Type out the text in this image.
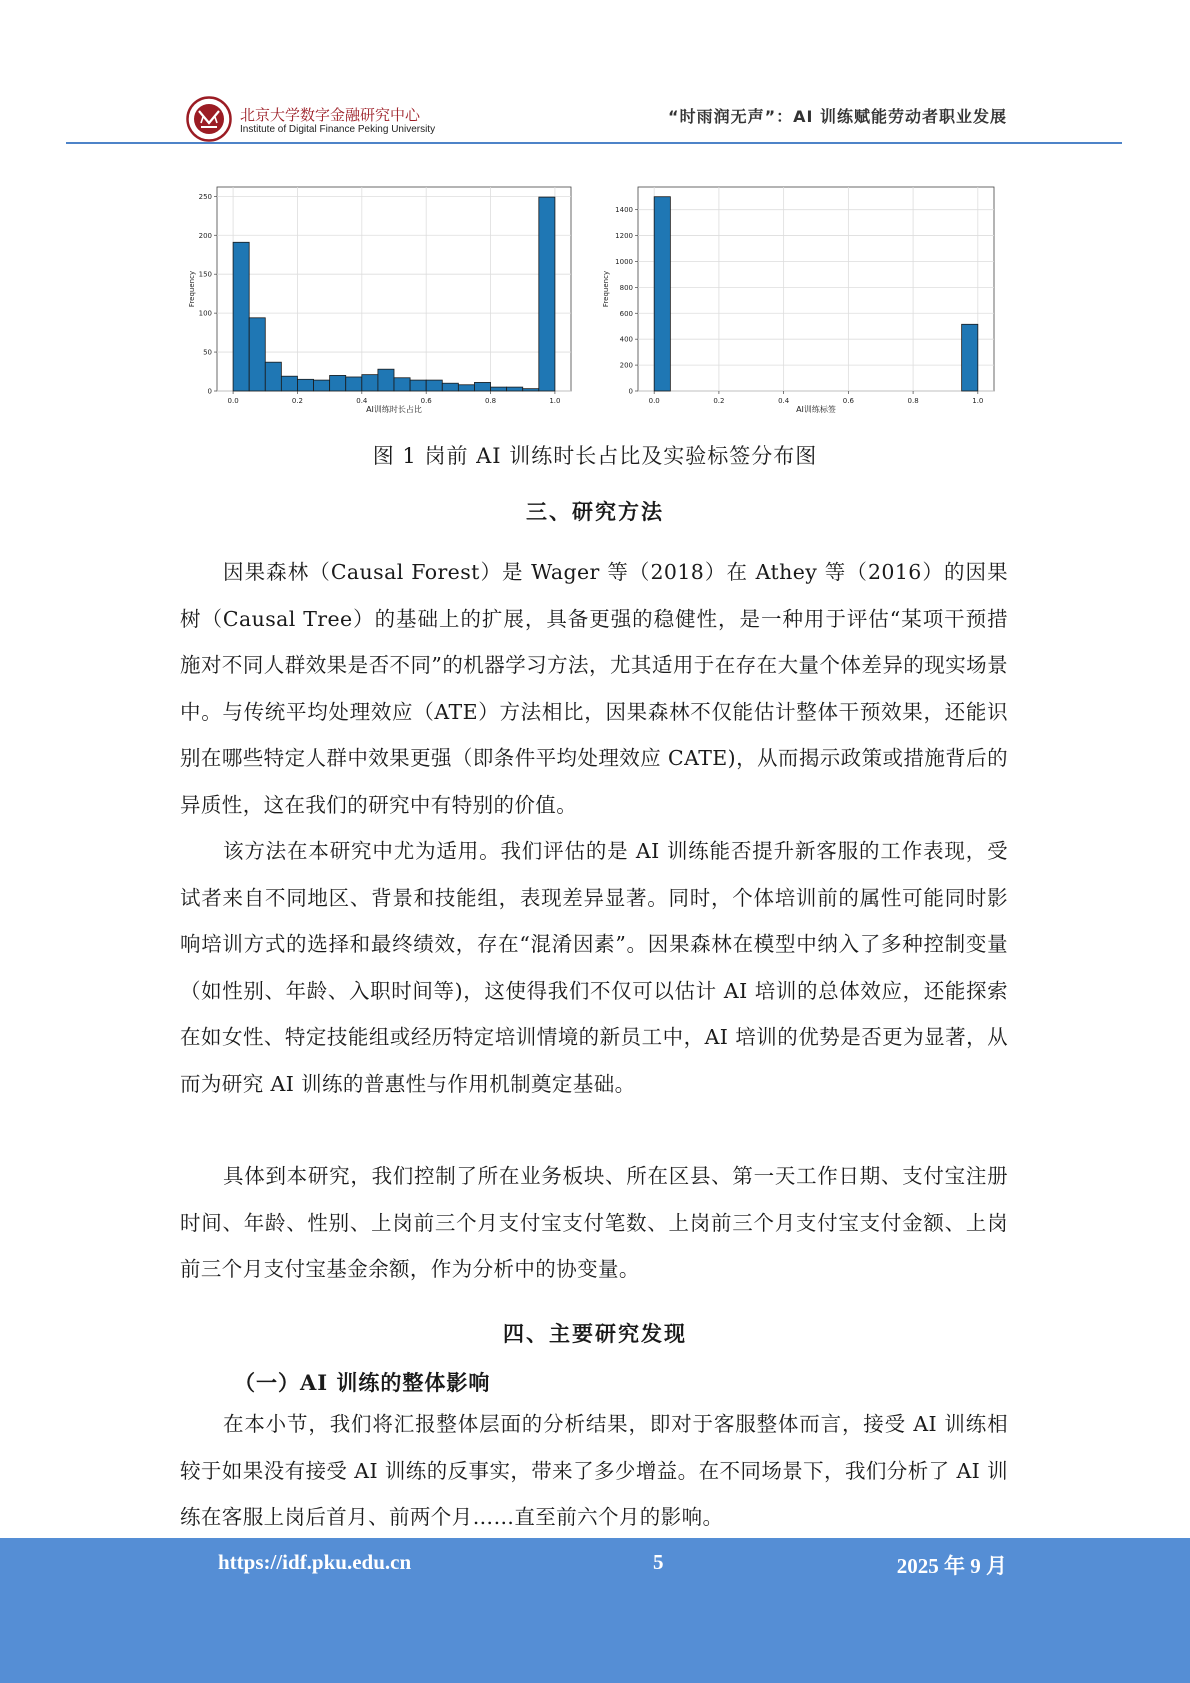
北京大学数字金融研究中心
Institute of Digital Finance Peking University
“时雨润无声”：AI 训练赋能劳动者职业发展
0.0	0.2	0.4	0.6	0.8	1.0
0
50
100
150
200
250
AI训练时长占比
Frequency
0.0	0.2	0.4	0.6	0.8	1.0
0
200
400
600
800
1000
1200
1400
AI训练标签
Frequency
图 1 岗前 AI 训练时长占比及实验标签分布图
三、研究方法

因果森林（Causal Forest）是 Wager 等（2018）在 Athey 等（2016）的因果树（Causal Tree）的基础上的扩展，具备更强的稳健性，是一种用于评估“某项干预措施对不同人群效果是否不同”的机器学习方法，尤其适用于在存在大量个体差异的现实场景中。与传统平均处理效应（ATE）方法相比，因果森林不仅能估计整体干预效果，还能识别在哪些特定人群中效果更强（即条件平均处理效应 CATE)，从而揭示政策或措施背后的异质性，这在我们的研究中有特别的价值。

该方法在本研究中尤为适用。我们评估的是 AI 训练能否提升新客服的工作表现，受试者来自不同地区、背景和技能组，表现差异显著。同时，个体培训前的属性可能同时影响培训方式的选择和最终绩效，存在“混淆因素”。因果森林在模型中纳入了多种控制变量（如性别、年龄、入职时间等)，这使得我们不仅可以估计 AI 培训的总体效应，还能探索在如女性、特定技能组或经历特定培训情境的新员工中，AI 培训的优势是否更为显著，从而为研究 AI 训练的普惠性与作用机制奠定基础。

具体到本研究，我们控制了所在业务板块、所在区县、第一天工作日期、支付宝注册时间、年龄、性别、上岗前三个月支付宝支付笔数、上岗前三个月支付宝支付金额、上岗前三个月支付宝基金余额，作为分析中的协变量。

四、主要研究发现
（一）AI 训练的整体影响

在本小节，我们将汇报整体层面的分析结果，即对于客服整体而言，接受 AI 训练相较于如果没有接受 AI 训练的反事实，带来了多少增益。在不同场景下，我们分析了 AI 训练在客服上岗后首月、前两个月……直至前六个月的影响。

https://idf.pku.edu.cn	5	2025 年 9 月
